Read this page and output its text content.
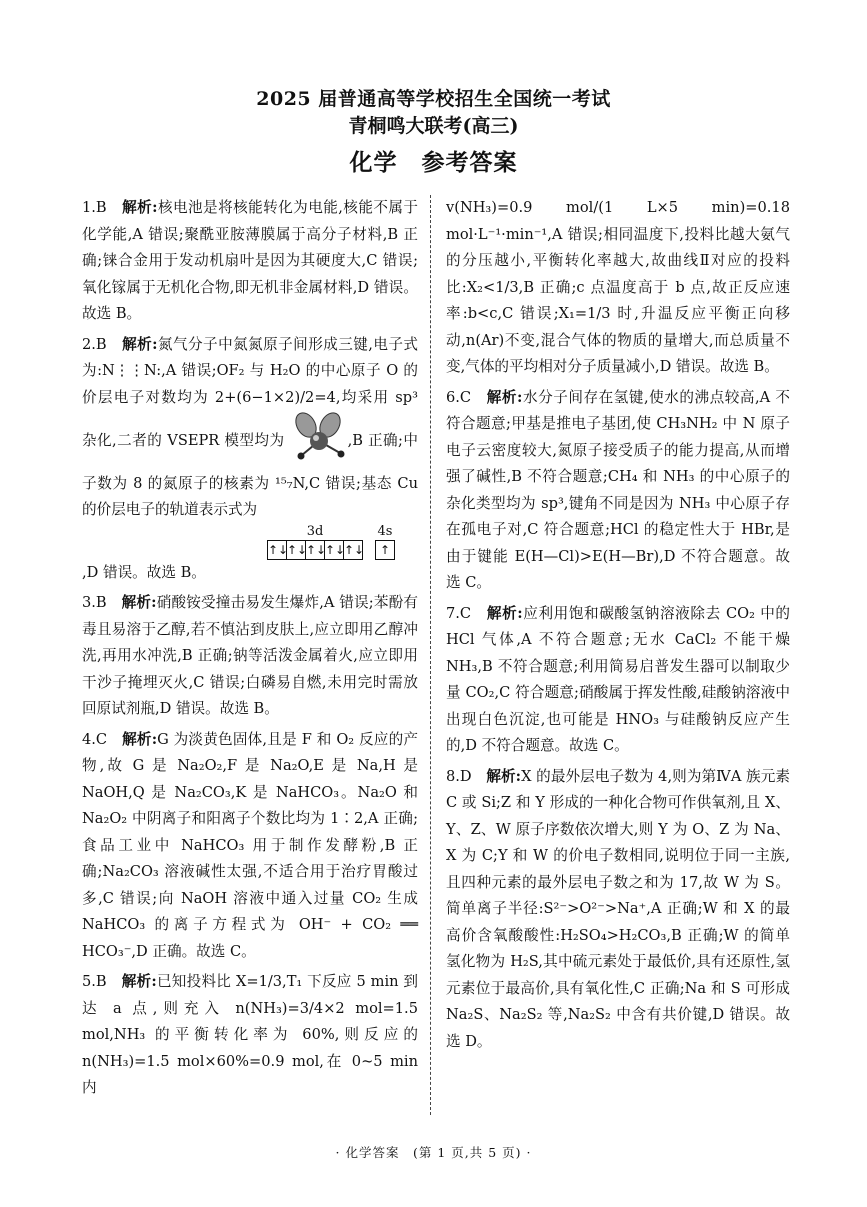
2025 届普通高等学校招生全国统一考试
青桐鸣大联考(高三)
化学　参考答案

1.B　 解析:核电池是将核能转化为电能,核能不属于化学能,A 错误;聚酰亚胺薄膜属于高分子材料,B 正确;铼合金用于发动机扇叶是因为其硬度大,C 错误;氧化镓属于无机化合物,即无机非金属材料,D 错误。故选 B。

2.B　 解析:氮气分子中氮氮原子间形成三键,电子式为:N⋮⋮N:,A 错误;OF₂ 与 H₂O 的中心原子 O 的价层电子对数均为 2+(6−1×2)/2=4,均采用 sp³ 杂化,二者的 VSEPR 模型均为	,B 正确;中子数为 8 的氮原子的核素为 ¹⁵₇N,C 错误;基态 Cu 的价层电子的轨道表示式为

3d
↑↓
↑↓
↑↓
↑↓
↑↓
4s
↑

,D 错误。故选 B。

3.B　 解析:硝酸铵受撞击易发生爆炸,A 错误;苯酚有毒且易溶于乙醇,若不慎沾到皮肤上,应立即用乙醇冲洗,再用水冲洗,B 正确;钠等活泼金属着火,应立即用干沙子掩埋灭火,C 错误;白磷易自燃,未用完时需放回原试剂瓶,D 错误。故选 B。

4.C　 解析:G 为淡黄色固体,且是 F 和 O₂ 反应的产物,故 G 是 Na₂O₂,F 是 Na₂O,E 是 Na,H 是 NaOH,Q 是 Na₂CO₃,K 是 NaHCO₃。Na₂O 和 Na₂O₂ 中阴离子和阳离子个数比均为 1∶2,A 正确;食品工业中 NaHCO₃ 用于制作发酵粉,B 正确;Na₂CO₃ 溶液碱性太强,不适合用于治疗胃酸过多,C 错误;向 NaOH 溶液中通入过量 CO₂ 生成 NaHCO₃ 的离子方程式为 OH⁻ + CO₂ ══ HCO₃⁻,D 正确。故选 C。

5.B　 解析:已知投料比 X=1/3,T₁ 下反应 5 min 到达 a 点,则充入 n(NH₃)=3/4×2 mol=1.5 mol,NH₃ 的平衡转化率为 60%,则反应的 n(NH₃)=1.5 mol×60%=0.9 mol,在 0~5 min 内

v(NH₃)=0.9 mol/(1 L×5 min)=0.18 mol·L⁻¹·min⁻¹,A 错误;相同温度下,投料比越大氨气的分压越小,平衡转化率越大,故曲线Ⅱ对应的投料比:X₂<1/3,B 正确;c 点温度高于 b 点,故正反应速率:b<c,C 错误;X₁=1/3 时,升温反应平衡正向移动,n(Ar)不变,混合气体的物质的量增大,而总质量不变,气体的平均相对分子质量减小,D 错误。故选 B。

6.C　 解析:水分子间存在氢键,使水的沸点较高,A 不符合题意;甲基是推电子基团,使 CH₃NH₂ 中 N 原子电子云密度较大,氮原子接受质子的能力提高,从而增强了碱性,B 不符合题意;CH₄ 和 NH₃ 的中心原子的杂化类型均为 sp³,键角不同是因为 NH₃ 中心原子存在孤电子对,C 符合题意;HCl 的稳定性大于 HBr,是由于键能 E(H—Cl)>E(H—Br),D 不符合题意。故选 C。

7.C　 解析:应利用饱和碳酸氢钠溶液除去 CO₂ 中的 HCl 气体,A 不符合题意;无水 CaCl₂ 不能干燥 NH₃,B 不符合题意;利用简易启普发生器可以制取少量 CO₂,C 符合题意;硝酸属于挥发性酸,硅酸钠溶液中出现白色沉淀,也可能是 HNO₃ 与硅酸钠反应产生的,D 不符合题意。故选 C。

8.D　 解析:X 的最外层电子数为 4,则为第ⅣA 族元素 C 或 Si;Z 和 Y 形成的一种化合物可作供氧剂,且 X、Y、Z、W 原子序数依次增大,则 Y 为 O、Z 为 Na、X 为 C;Y 和 W 的价电子数相同,说明位于同一主族,且四种元素的最外层电子数之和为 17,故 W 为 S。简单离子半径:S²⁻>O²⁻>Na⁺,A 正确;W 和 X 的最高价含氧酸酸性:H₂SO₄>H₂CO₃,B 正确;W 的简单氢化物为 H₂S,其中硫元素处于最低价,具有还原性,氢元素位于最高价,具有氧化性,C 正确;Na 和 S 可形成 Na₂S、Na₂S₂ 等,Na₂S₂ 中含有共价键,D 错误。故选 D。

· 化学答案　(第 1 页,共 5 页) ·
